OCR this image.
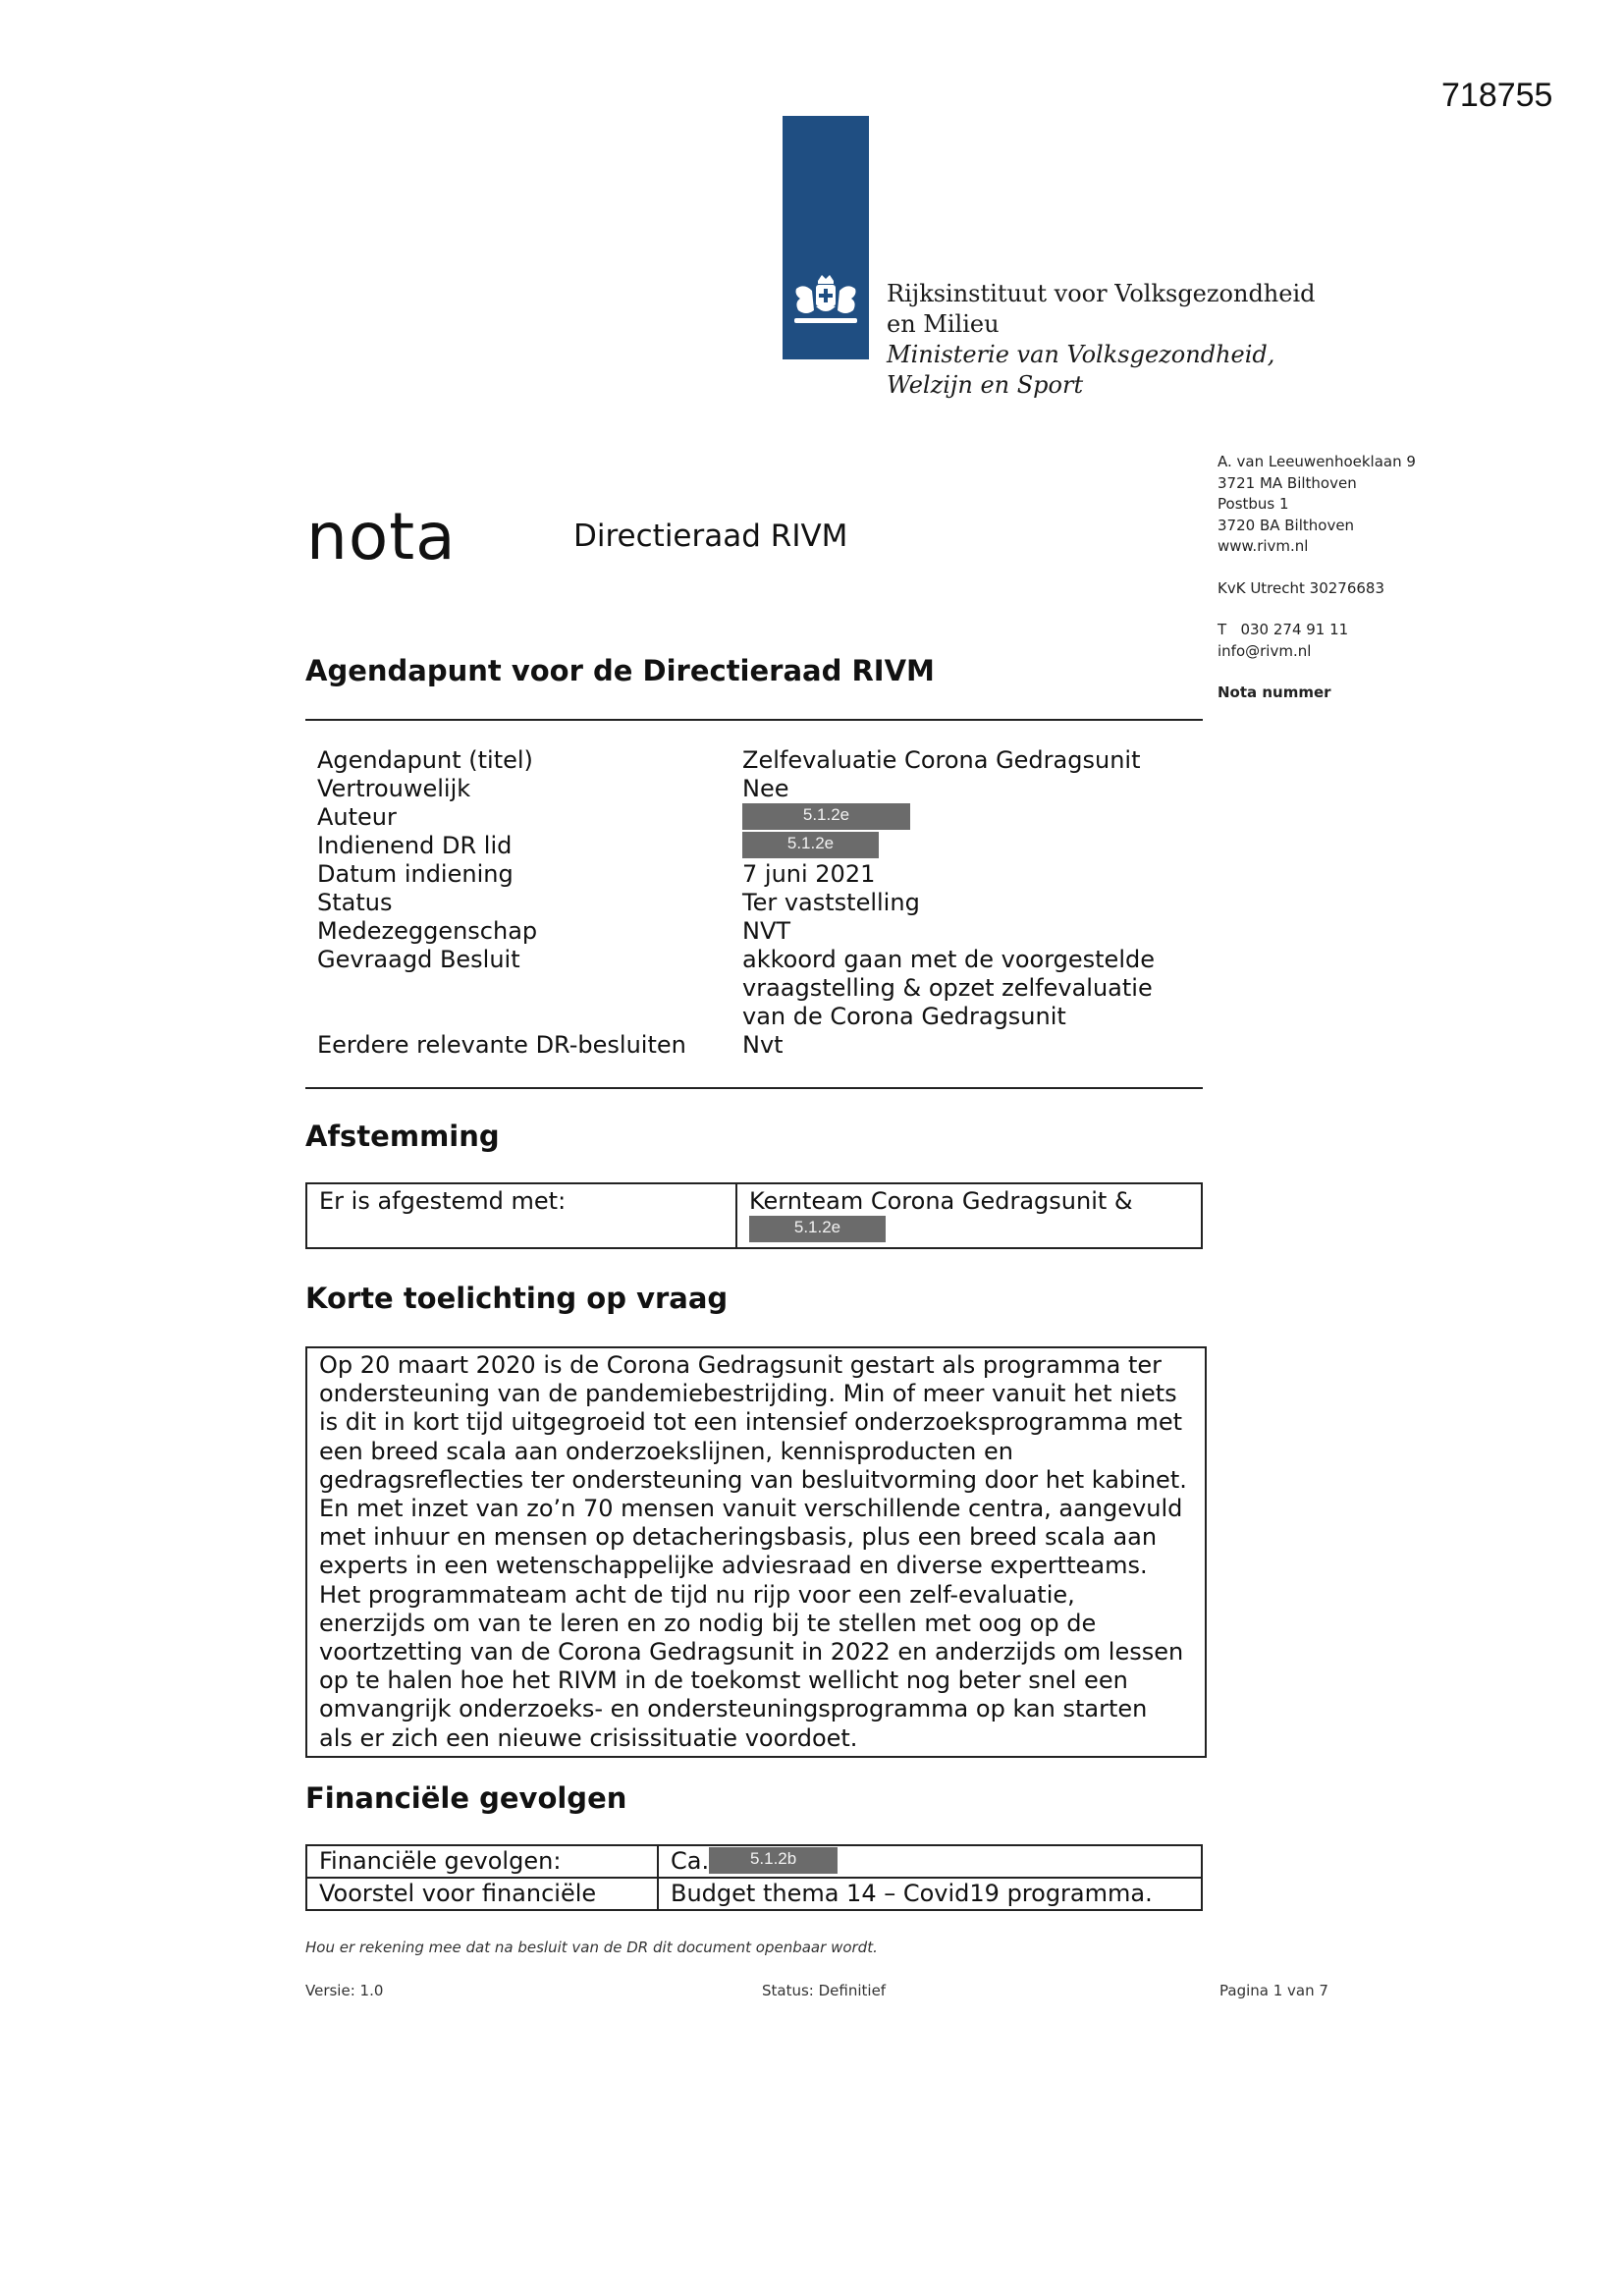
718755
Rijksinstituut voor Volksgezondheid
en Milieu
Ministerie van Volksgezondheid,
Welzijn en Sport
A. van Leeuwenhoeklaan 9
3721 MA Bilthoven
Postbus 1
3720 BA Bilthoven
www.rivm.nl
KvK Utrecht 30276683
T   030 274 91 11
info@rivm.nl
Nota nummer
nota	Directieraad RIVM
Agendapunt voor de Directieraad RIVM
Agendapunt (titel)	Zelfevaluatie Corona Gedragsunit
Vertrouwelijk	Nee
Auteur	5.1.2e
Indienend DR lid	5.1.2e
Datum indiening	7 juni 2021
Status	Ter vaststelling
Medezeggenschap	NVT
Gevraagd Besluit	akkoord gaan met de voorgestelde
vraagstelling & opzet zelfevaluatie
van de Corona Gedragsunit
Eerdere relevante DR-besluiten	Nvt
Afstemming
Er is afgestemd met:	Kernteam Corona Gedragsunit &
5.1.2e
Korte toelichting op vraag
Op 20 maart 2020 is de Corona Gedragsunit gestart als programma ter
ondersteuning van de pandemiebestrijding. Min of meer vanuit het niets
is dit in kort tijd uitgegroeid tot een intensief onderzoeksprogramma met
een breed scala aan onderzoekslijnen, kennisproducten en
gedragsreflecties ter ondersteuning van besluitvorming door het kabinet.
En met inzet van zo’n 70 mensen vanuit verschillende centra, aangevuld
met inhuur en mensen op detacheringsbasis, plus een breed scala aan
experts in een wetenschappelijke adviesraad en diverse expertteams.
Het programmateam acht de tijd nu rijp voor een zelf-evaluatie,
enerzijds om van te leren en zo nodig bij te stellen met oog op de
voortzetting van de Corona Gedragsunit in 2022 en anderzijds om lessen
op te halen hoe het RIVM in de toekomst wellicht nog beter snel een
omvangrijk onderzoeks- en ondersteuningsprogramma op kan starten
als er zich een nieuwe crisissituatie voordoet.
Financiële gevolgen
Financiële gevolgen:	Ca. 5.1.2b
Voorstel voor financiële	Budget thema 14 – Covid19 programma.
Hou er rekening mee dat na besluit van de DR dit document openbaar wordt.
Versie: 1.0	Status: Definitief	Pagina 1 van 7
